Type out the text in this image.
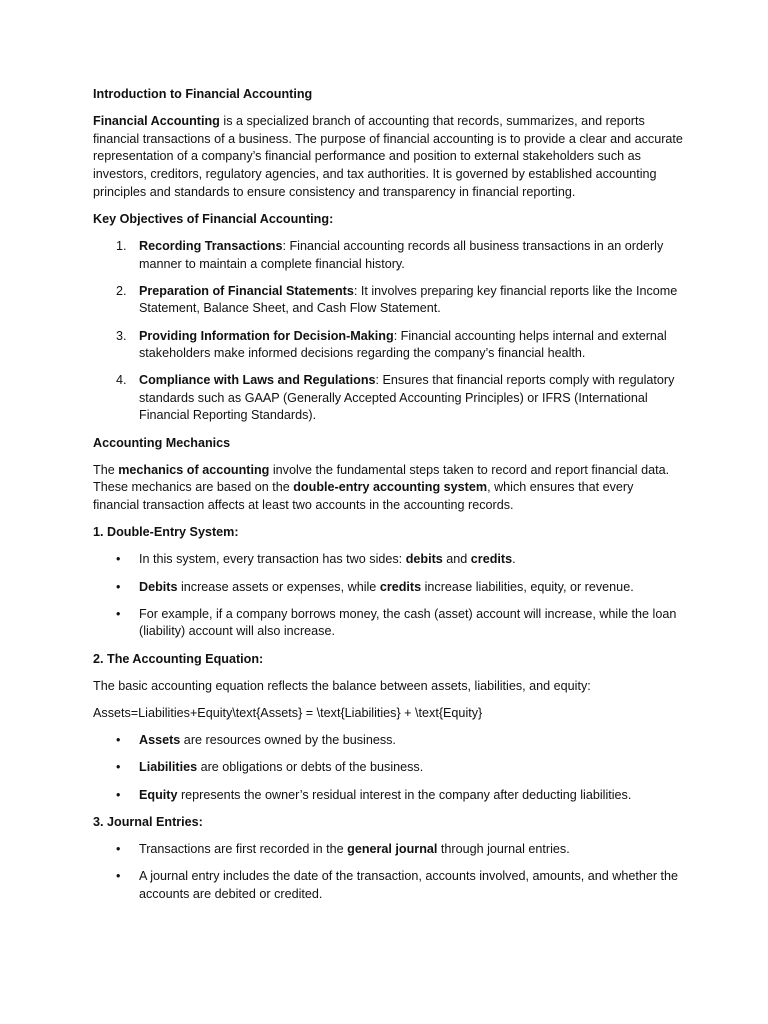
Introduction to Financial Accounting

Financial Accounting is a specialized branch of accounting that records, summarizes, and reports financial transactions of a business. The purpose of financial accounting is to provide a clear and accurate representation of a company’s financial performance and position to external stakeholders such as investors, creditors, regulatory agencies, and tax authorities. It is governed by established accounting principles and standards to ensure consistency and transparency in financial reporting.

Key Objectives of Financial Accounting:
1. Recording Transactions: Financial accounting records all business transactions in an orderly manner to maintain a complete financial history.
2. Preparation of Financial Statements: It involves preparing key financial reports like the Income Statement, Balance Sheet, and Cash Flow Statement.
3. Providing Information for Decision-Making: Financial accounting helps internal and external stakeholders make informed decisions regarding the company’s financial health.
4. Compliance with Laws and Regulations: Ensures that financial reports comply with regulatory standards such as GAAP (Generally Accepted Accounting Principles) or IFRS (International Financial Reporting Standards).
Accounting Mechanics

The mechanics of accounting involve the fundamental steps taken to record and report financial data. These mechanics are based on the double-entry accounting system, which ensures that every financial transaction affects at least two accounts in the accounting records.

1. Double-Entry System:
• In this system, every transaction has two sides: debits and credits.
• Debits increase assets or expenses, while credits increase liabilities, equity, or revenue.
• For example, if a company borrows money, the cash (asset) account will increase, while the loan (liability) account will also increase.
2. The Accounting Equation:

The basic accounting equation reflects the balance between assets, liabilities, and equity:

Assets=Liabilities+Equity\text{Assets} = \text{Liabilities} + \text{Equity}

• Assets are resources owned by the business.
• Liabilities are obligations or debts of the business.
• Equity represents the owner’s residual interest in the company after deducting liabilities.
3. Journal Entries:
• Transactions are first recorded in the general journal through journal entries.
• A journal entry includes the date of the transaction, accounts involved, amounts, and whether the accounts are debited or credited.
